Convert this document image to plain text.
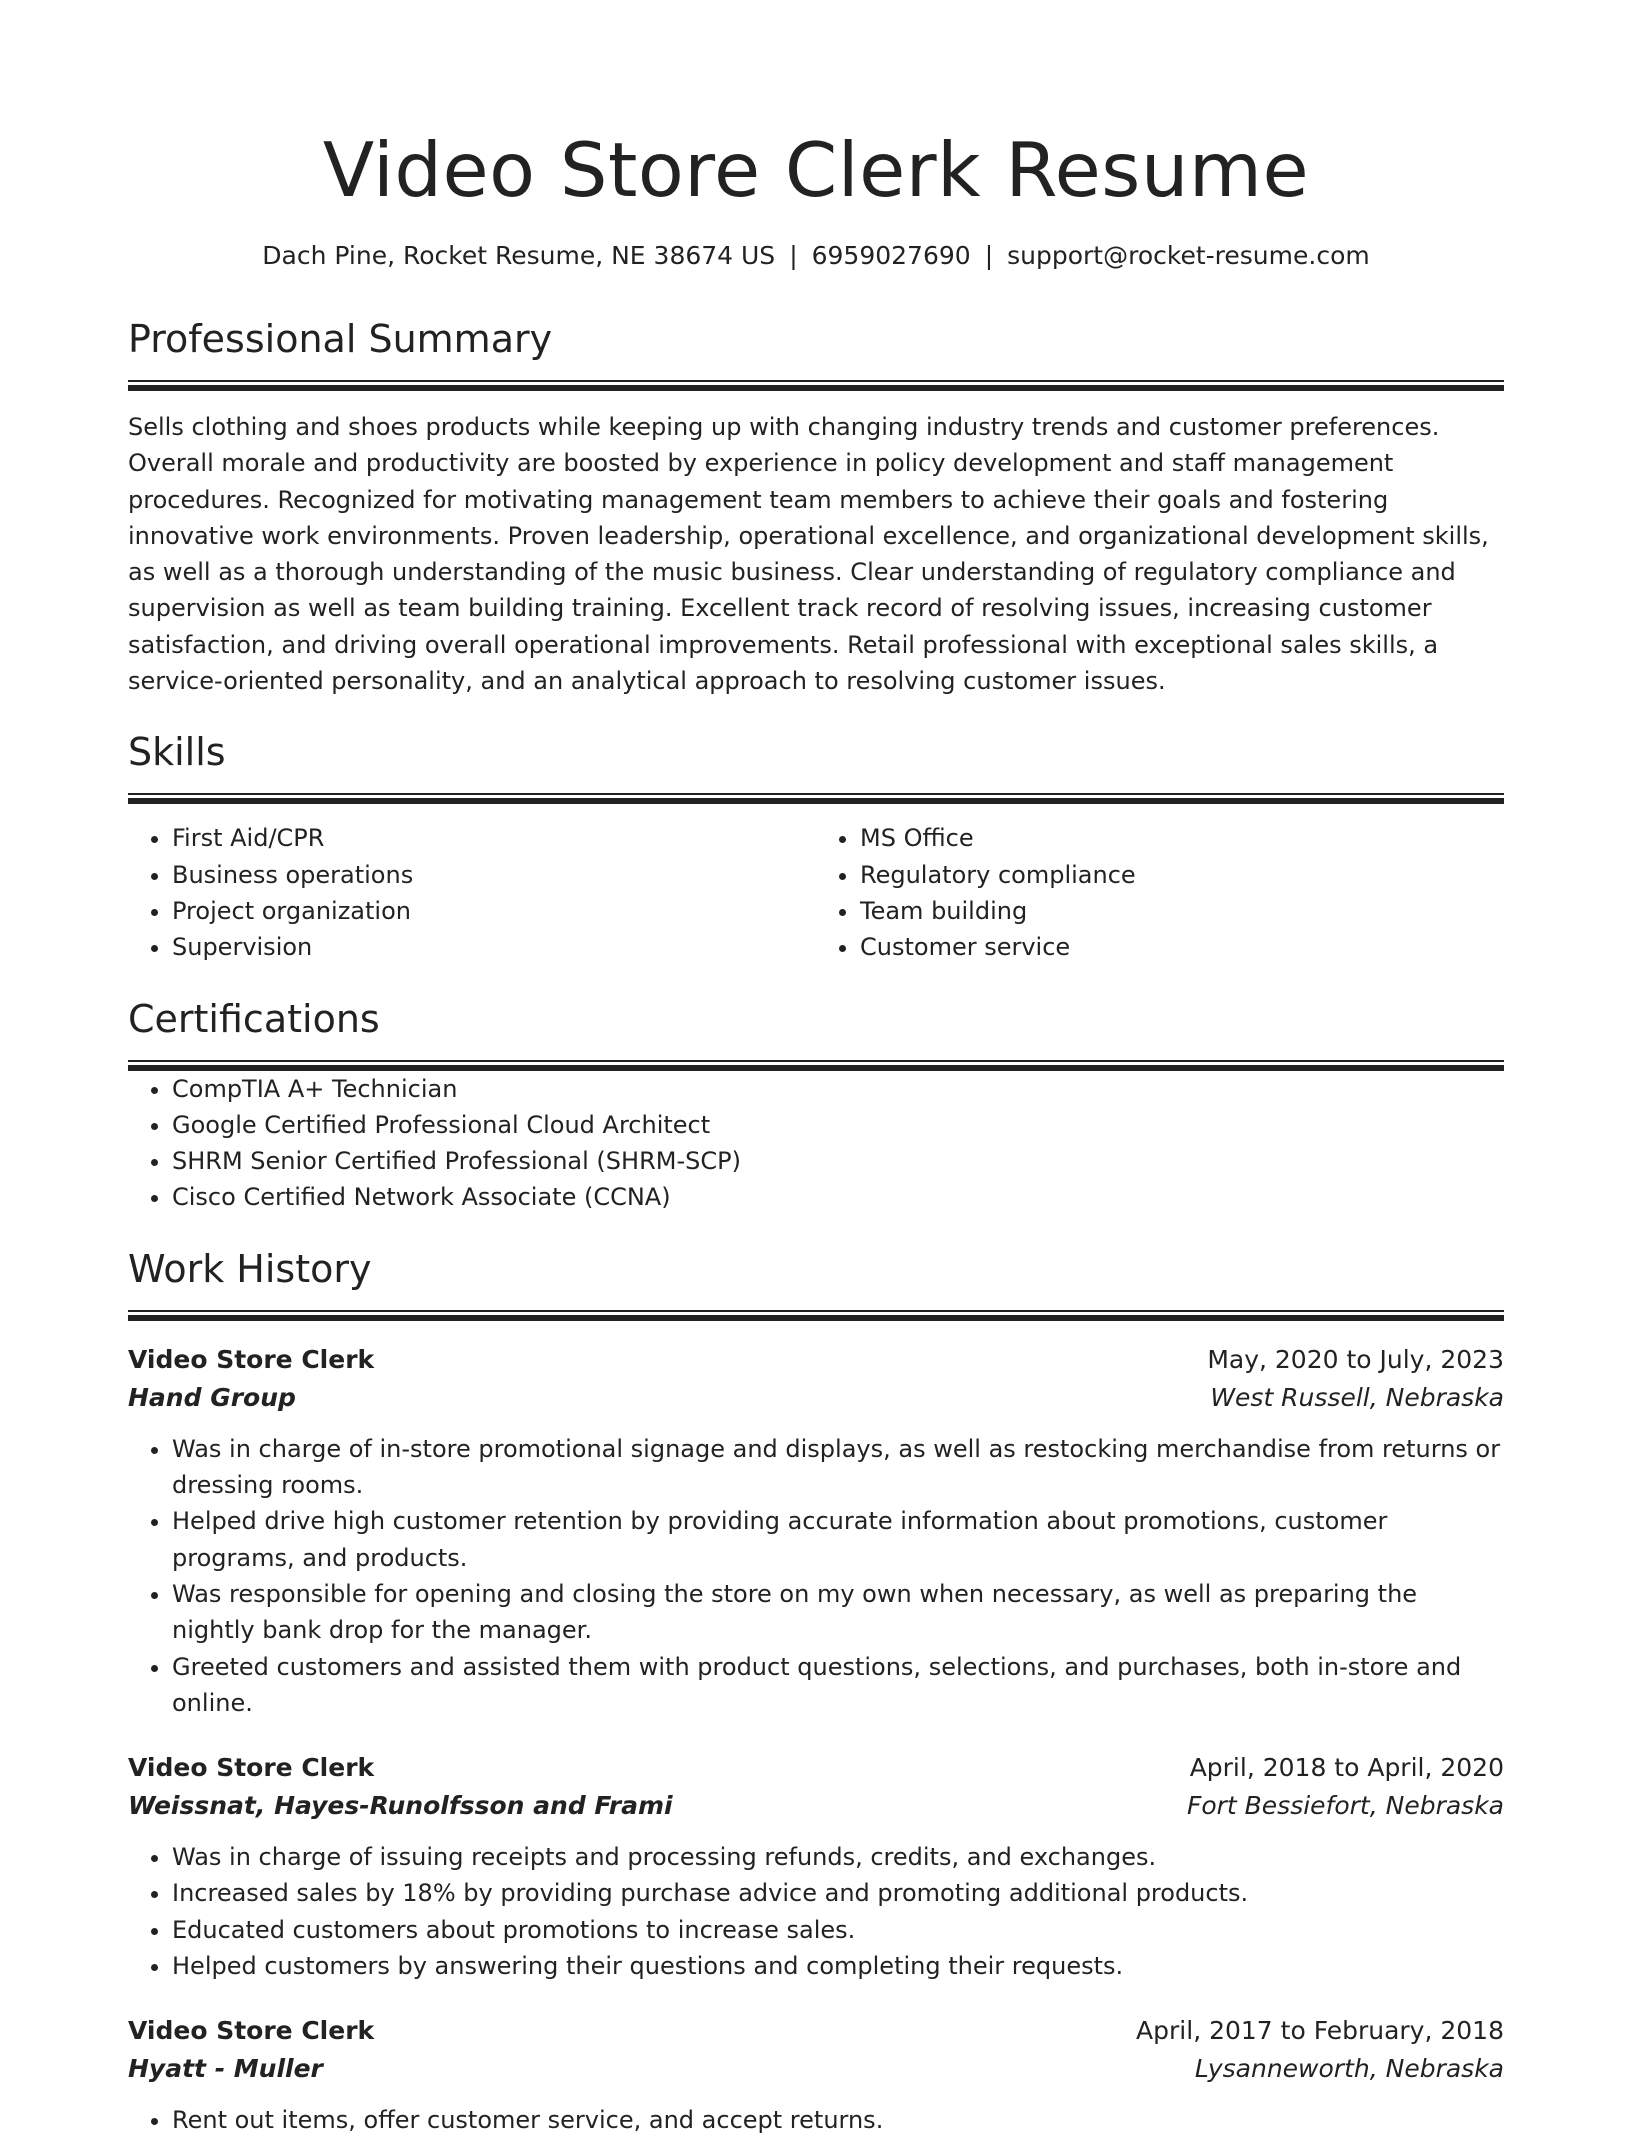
Video Store Clerk Resume
Dach Pine, Rocket Resume, NE 38674 US | 6959027690 | support@rocket-resume.com
Professional Summary

Sells clothing and shoes products while keeping up with changing industry trends and customer preferences. Overall morale and productivity are boosted by experience in policy development and staff management procedures. Recognized for motivating management team members to achieve their goals and fostering innovative work environments. Proven leadership, operational excellence, and organizational development skills, as well as a thorough understanding of the music business. Clear understanding of regulatory compliance and supervision as well as team building training. Excellent track record of resolving issues, increasing customer satisfaction, and driving overall operational improvements. Retail professional with exceptional sales skills, a service-oriented personality, and an analytical approach to resolving customer issues.

Skills
• First Aid/CPR
• Business operations
• Project organization
• Supervision
• MS Office
• Regulatory compliance
• Team building
• Customer service
Certifications
• CompTIA A+ Technician
• Google Certified Professional Cloud Architect
• SHRM Senior Certified Professional (SHRM-SCP)
• Cisco Certified Network Associate (CCNA)
Work History
Video Store Clerk	May, 2020 to July, 2023
Hand Group	West Russell, Nebraska
• Was in charge of in-store promotional signage and displays, as well as restocking merchandise from returns or dressing rooms.
• Helped drive high customer retention by providing accurate information about promotions, customer programs, and products.
• Was responsible for opening and closing the store on my own when necessary, as well as preparing the nightly bank drop for the manager.
• Greeted customers and assisted them with product questions, selections, and purchases, both in-store and online.
Video Store Clerk	April, 2018 to April, 2020
Weissnat, Hayes-Runolfsson and Frami	Fort Bessiefort, Nebraska
• Was in charge of issuing receipts and processing refunds, credits, and exchanges.
• Increased sales by 18% by providing purchase advice and promoting additional products.
• Educated customers about promotions to increase sales.
• Helped customers by answering their questions and completing their requests.
Video Store Clerk	April, 2017 to February, 2018
Hyatt - Muller	Lysanneworth, Nebraska
• Rent out items, offer customer service, and accept returns.
